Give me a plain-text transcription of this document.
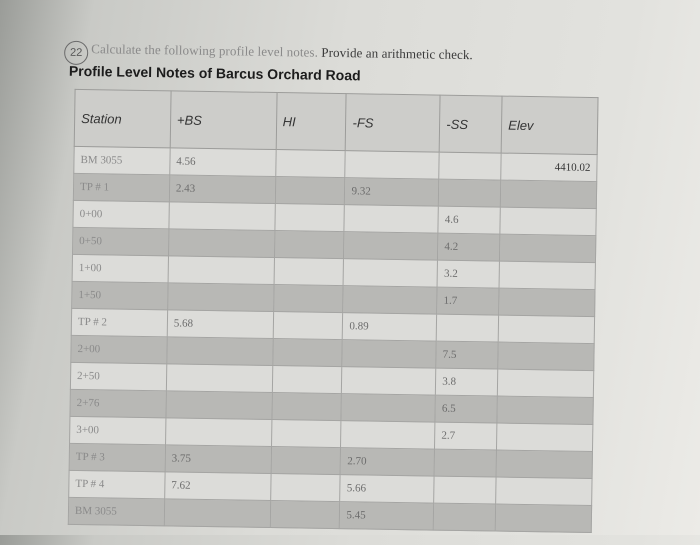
22 Calculate the following profile level notes. Provide an arithmetic check.
Profile Level Notes of Barcus Orchard Road
Station	+BS	HI	-FS	-SS	Elev
BM 3055	4.56				4410.02
TP # 1	2.43		9.32		
0+00				4.6	
0+50				4.2	
1+00				3.2	
1+50				1.7	
TP # 2	5.68		0.89		
2+00				7.5	
2+50				3.8	
2+76				6.5	
3+00				2.7	
TP # 3	3.75		2.70		
TP # 4	7.62		5.66		
BM 3055			5.45		
